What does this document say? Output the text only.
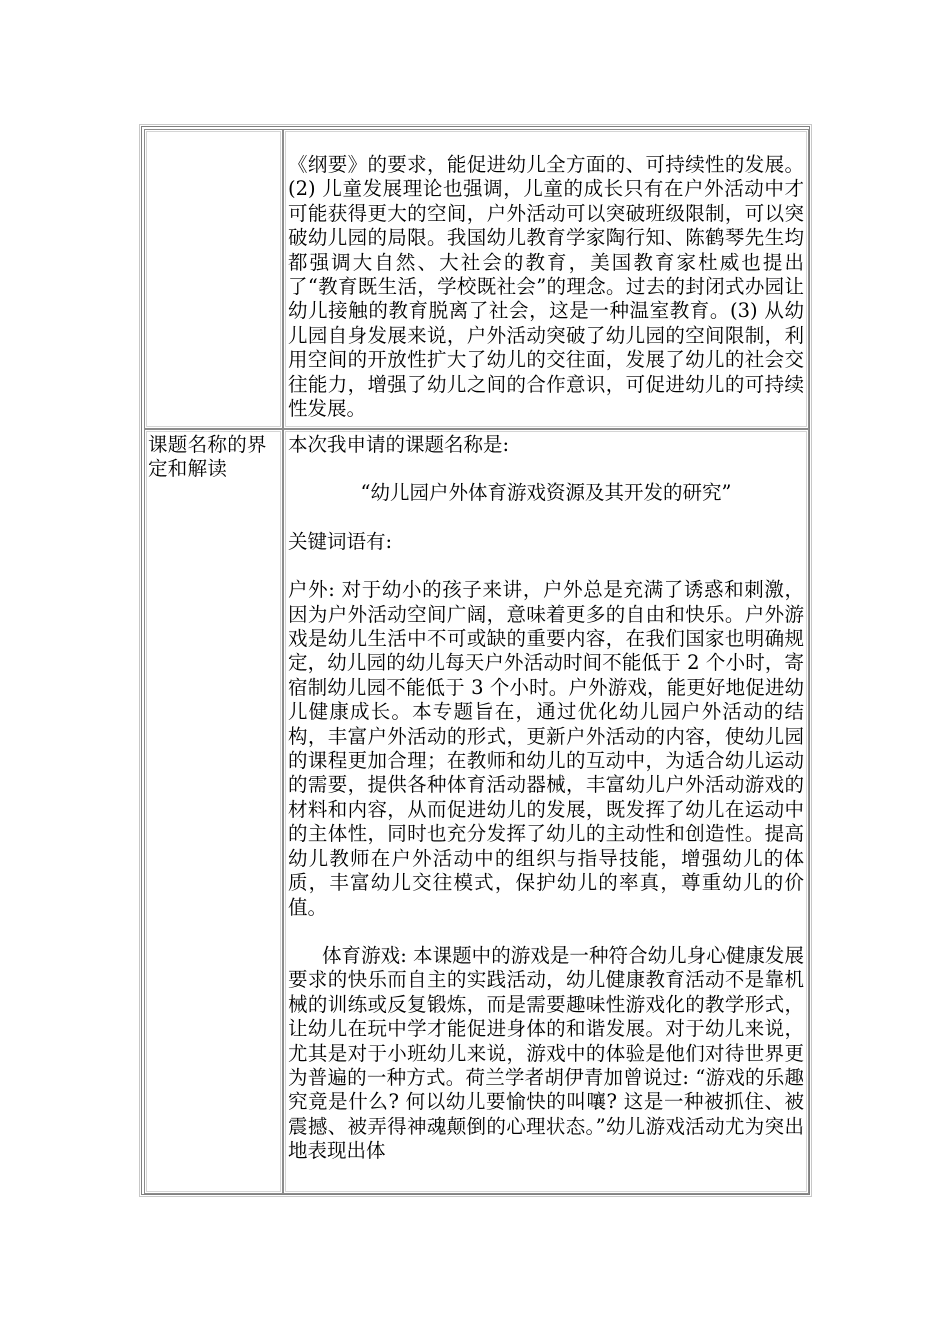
《纲要》的要求，能促进幼儿全方面的、可持续性的发展。(2) 儿童发展理论也强调，儿童的成长只有在户外活动中才可能获得更大的空间，户外活动可以突破班级限制，可以突破幼儿园的局限。我国幼儿教育学家陶行知、陈鹤琴先生均都强调大自然、大社会的教育，美国教育家杜威也提出了“教育既生活，学校既社会”的理念。过去的封闭式办园让幼儿接触的教育脱离了社会，这是一种温室教育。(3) 从幼儿园自身发展来说，户外活动突破了幼儿园的空间限制，利用空间的开放性扩大了幼儿的交往面，发展了幼儿的社会交往能力，增强了幼儿之间的合作意识，可促进幼儿的可持续性发展。

课题名称的界定和解读

本次我申请的课题名称是:

“幼儿园户外体育游戏资源及其开发的研究”

关键词语有:

户外: 对于幼小的孩子来讲，户外总是充满了诱惑和刺激，因为户外活动空间广阔，意味着更多的自由和快乐。户外游戏是幼儿生活中不可或缺的重要内容，在我们国家也明确规定，幼儿园的幼儿每天户外活动时间不能低于 2 个小时，寄宿制幼儿园不能低于 3 个小时。户外游戏，能更好地促进幼儿健康成长。本专题旨在，通过优化幼儿园户外活动的结构，丰富户外活动的形式，更新户外活动的内容，使幼儿园的课程更加合理；在教师和幼儿的互动中，为适合幼儿运动的需要，提供各种体育活动器械，丰富幼儿户外活动游戏的材料和内容，从而促进幼儿的发展，既发挥了幼儿在运动中的主体性，同时也充分发挥了幼儿的主动性和创造性。提高幼儿教师在户外活动中的组织与指导技能，增强幼儿的体质，丰富幼儿交往模式，保护幼儿的率真，尊重幼儿的价值。

体育游戏: 本课题中的游戏是一种符合幼儿身心健康发展要求的快乐而自主的实践活动，幼儿健康教育活动不是靠机械的训练或反复锻炼，而是需要趣味性游戏化的教学形式，让幼儿在玩中学才能促进身体的和谐发展。对于幼儿来说，尤其是对于小班幼儿来说，游戏中的体验是他们对待世界更为普遍的一种方式。荷兰学者胡伊青加曾说过: “游戏的乐趣究竟是什么? 何以幼儿要愉快的叫嚷? 这是一种被抓住、被震撼、被弄得神魂颠倒的心理状态。”幼儿游戏活动尤为突出地表现出体
